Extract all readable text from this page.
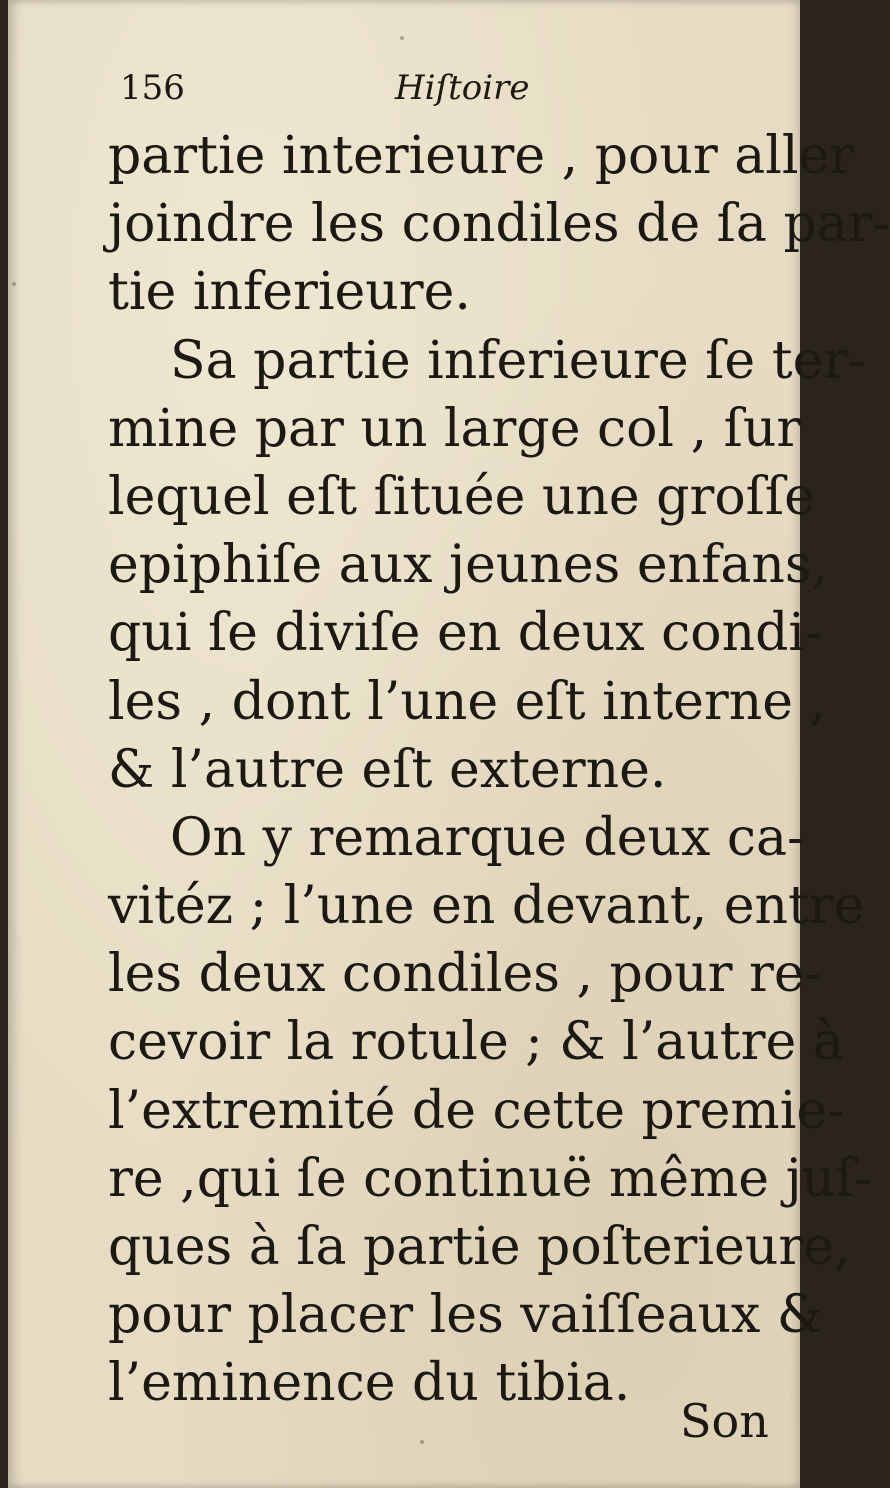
156	Hiſtoire
partie interieure , pour aller
joindre les condiles de ſa par-
tie inferieure.
Sa partie inferieure ſe ter-
mine par un large col , ſur
lequel eſt ſituée une groſſe
epiphiſe aux jeunes enfans,
qui ſe diviſe en deux condi-
les , dont l’une eſt interne ,
& l’autre eſt externe.
On y remarque deux ca-
vitéz ; l’une en devant, entre
les deux condiles , pour re-
cevoir la rotule ; & l’autre à
l’extremité de cette premie-
re ,qui ſe continuë même juſ-
ques à ſa partie poſterieure,
pour placer les vaiſſeaux &
l’eminence du tibia.
Son
